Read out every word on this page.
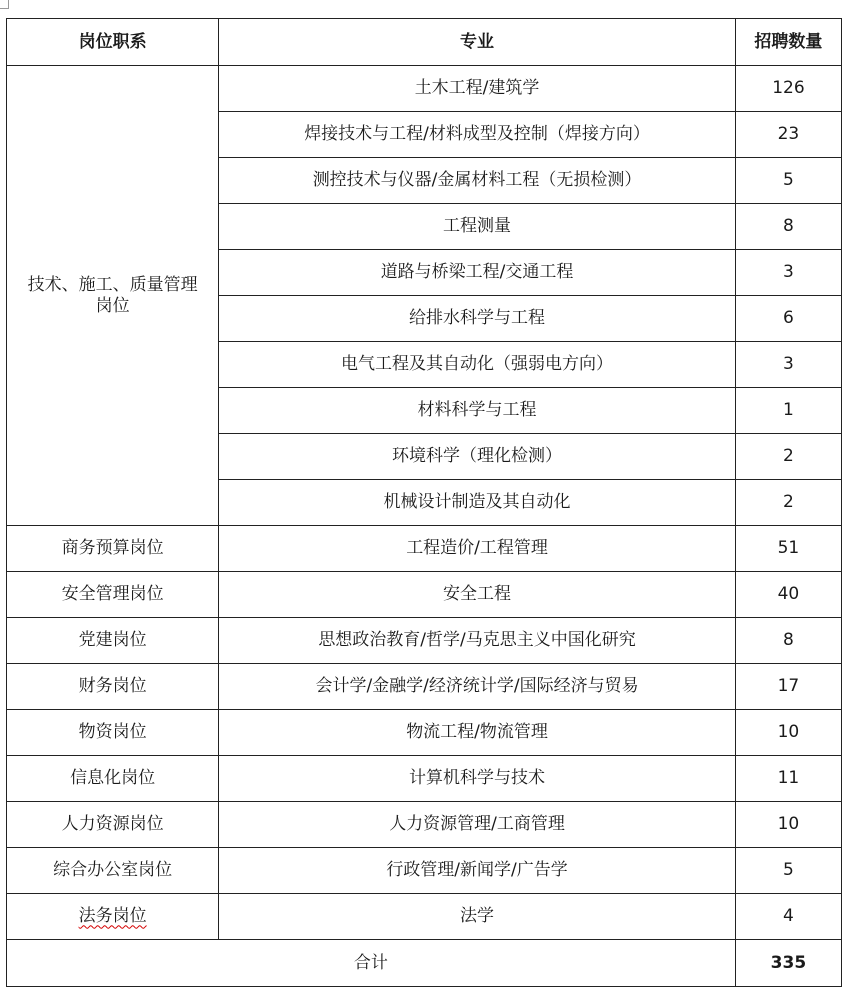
岗位职系	专业	招聘数量

技术、施工、质量管理
岗位	土木工程/建筑学	126
	焊接技术与工程/材料成型及控制（焊接方向）	23
	测控技术与仪器/金属材料工程（无损检测）	5
	工程测量	8
	道路与桥梁工程/交通工程	3
	给排水科学与工程	6
	电气工程及其自动化（强弱电方向）	3
	材料科学与工程	1
	环境科学（理化检测）	2
	机械设计制造及其自动化	2
商务预算岗位	工程造价/工程管理	51
安全管理岗位	安全工程	40
党建岗位	思想政治教育/哲学/马克思主义中国化研究	8
财务岗位	会计学/金融学/经济统计学/国际经济与贸易	17
物资岗位	物流工程/物流管理	10
信息化岗位	计算机科学与技术	11
人力资源岗位	人力资源管理/工商管理	10
综合办公室岗位	行政管理/新闻学/广告学	5
法务岗位	法学	4
合计		335
